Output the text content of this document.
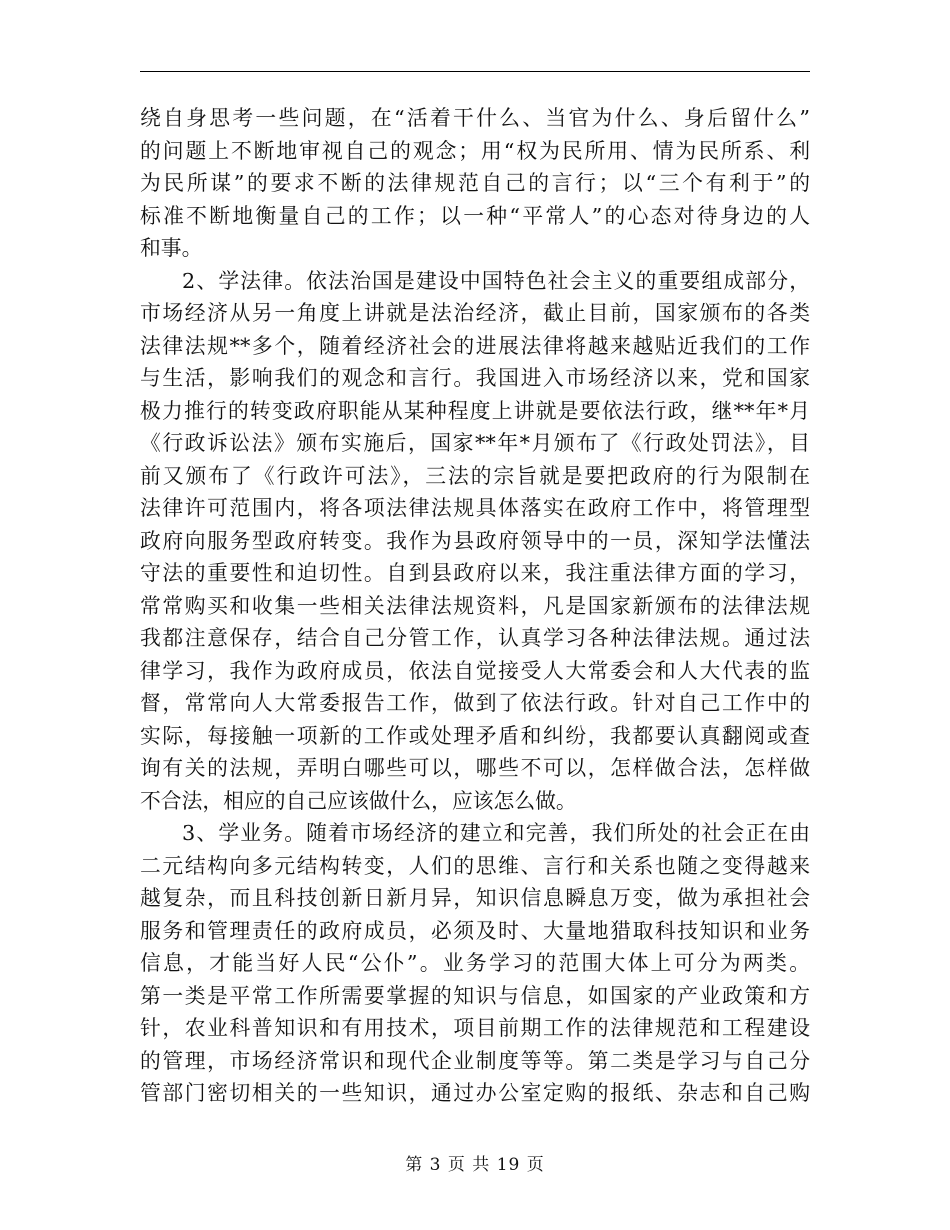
绕自身思考一些问题，在“活着干什么、当官为什么、身后留什么”
的问题上不断地审视自己的观念；用“权为民所用、情为民所系、利
为民所谋”的要求不断的法律规范自己的言行；以“三个有利于”的
标准不断地衡量自己的工作；以一种“平常人”的心态对待身边的人
和事。
2、学法律。依法治国是建设中国特色社会主义的重要组成部分，
市场经济从另一角度上讲就是法治经济，截止目前，国家颁布的各类
法律法规**多个，随着经济社会的进展法律将越来越贴近我们的工作
与生活，影响我们的观念和言行。我国进入市场经济以来，党和国家
极力推行的转变政府职能从某种程度上讲就是要依法行政，继**年*月
《行政诉讼法》颁布实施后，国家**年*月颁布了《行政处罚法》，目
前又颁布了《行政许可法》，三法的宗旨就是要把政府的行为限制在
法律许可范围内，将各项法律法规具体落实在政府工作中，将管理型
政府向服务型政府转变。我作为县政府领导中的一员，深知学法懂法
守法的重要性和迫切性。自到县政府以来，我注重法律方面的学习，
常常购买和收集一些相关法律法规资料，凡是国家新颁布的法律法规
我都注意保存，结合自己分管工作，认真学习各种法律法规。通过法
律学习，我作为政府成员，依法自觉接受人大常委会和人大代表的监
督，常常向人大常委报告工作，做到了依法行政。针对自己工作中的
实际，每接触一项新的工作或处理矛盾和纠纷，我都要认真翻阅或查
询有关的法规，弄明白哪些可以，哪些不可以，怎样做合法，怎样做
不合法，相应的自己应该做什么，应该怎么做。
3、学业务。随着市场经济的建立和完善，我们所处的社会正在由
二元结构向多元结构转变，人们的思维、言行和关系也随之变得越来
越复杂，而且科技创新日新月异，知识信息瞬息万变，做为承担社会
服务和管理责任的政府成员，必须及时、大量地猎取科技知识和业务
信息，才能当好人民“公仆”。业务学习的范围大体上可分为两类。
第一类是平常工作所需要掌握的知识与信息，如国家的产业政策和方
针，农业科普知识和有用技术，项目前期工作的法律规范和工程建设
的管理，市场经济常识和现代企业制度等等。第二类是学习与自己分
管部门密切相关的一些知识，通过办公室定购的报纸、杂志和自己购
第 3 页 共 19 页
